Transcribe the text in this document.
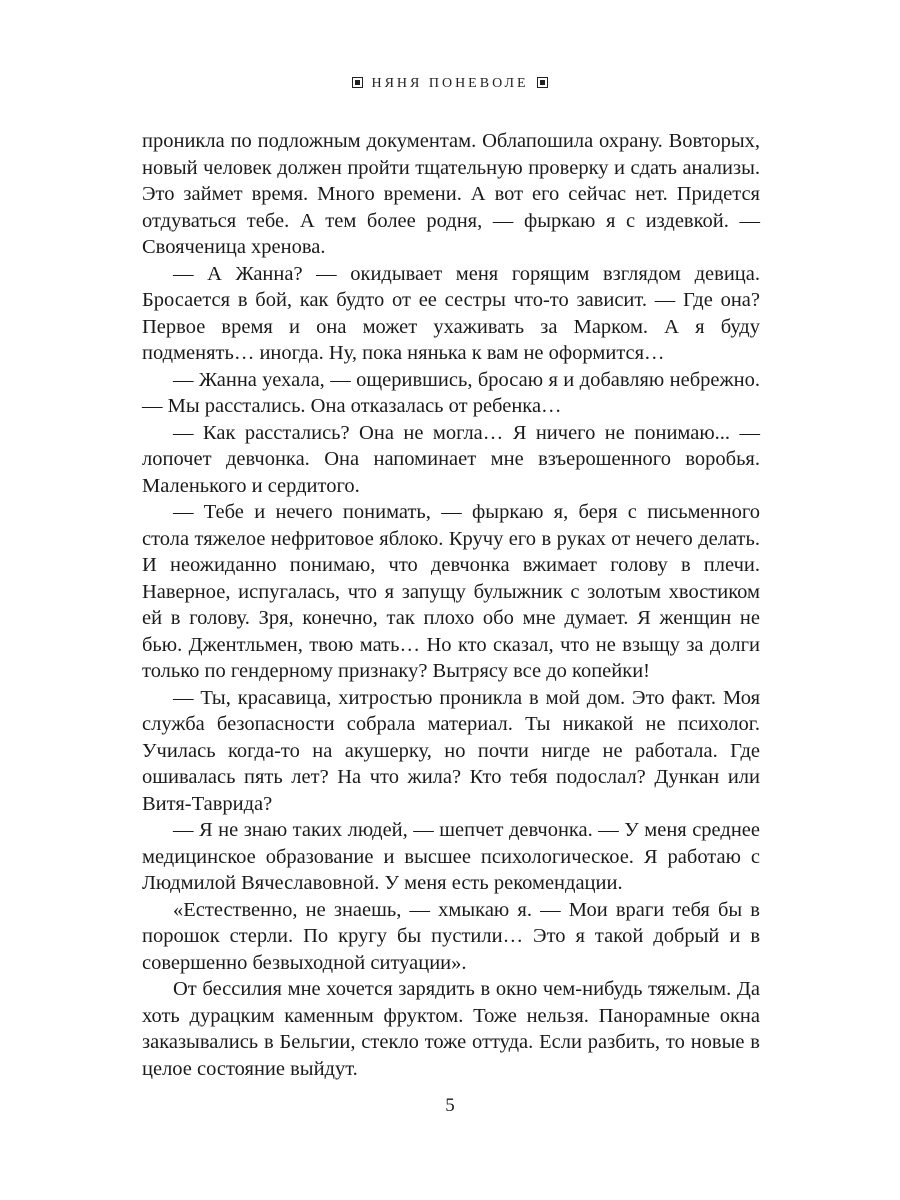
НЯНЯ ПОНЕВОЛЕ

проникла по подложным документам. Облапошила охрану. Вовторых, новый человек должен пройти тщательную проверку и сдать анализы. Это займет время. Много времени. А вот его сейчас нет. Придется отдуваться тебе. А тем более родня, — фыркаю я с издевкой. — Свояченица хренова.

— А Жанна? — окидывает меня горящим взглядом девица. Бросается в бой, как будто от ее сестры что-то зависит. — Где она? Первое время и она может ухаживать за Марком. А я буду подменять… иногда. Ну, пока нянька к вам не оформится…

— Жанна уехала, — ощерившись, бросаю я и добавляю небрежно. — Мы расстались. Она отказалась от ребенка…

— Как расстались? Она не могла… Я ничего не понимаю... — лопочет девчонка. Она напоминает мне взъерошенного воробья. Маленького и сердитого.

— Тебе и нечего понимать, — фыркаю я, беря с письменного стола тяжелое нефритовое яблоко. Кручу его в руках от нечего делать. И неожиданно понимаю, что девчонка вжимает голову в плечи. Наверное, испугалась, что я запущу булыжник с золотым хвостиком ей в голову. Зря, конечно, так плохо обо мне думает. Я женщин не бью. Джентльмен, твою мать… Но кто сказал, что не взыщу за долги только по гендерному признаку? Вытрясу все до копейки!

— Ты, красавица, хитростью проникла в мой дом. Это факт. Моя служба безопасности собрала материал. Ты никакой не психолог. Училась когда-то на акушерку, но почти нигде не работала. Где ошивалась пять лет? На что жила? Кто тебя подослал? Дункан или Витя-Таврида?

— Я не знаю таких людей, — шепчет девчонка. — У меня среднее медицинское образование и высшее психологическое. Я работаю с Людмилой Вячеславовной. У меня есть рекомендации.

«Естественно, не знаешь, — хмыкаю я. — Мои враги тебя бы в порошок стерли. По кругу бы пустили… Это я такой добрый и в совершенно безвыходной ситуации».

От бессилия мне хочется зарядить в окно чем-нибудь тяжелым. Да хоть дурацким каменным фруктом. Тоже нельзя. Панорамные окна заказывались в Бельгии, стекло тоже оттуда. Если разбить, то новые в целое состояние выйдут.

5
